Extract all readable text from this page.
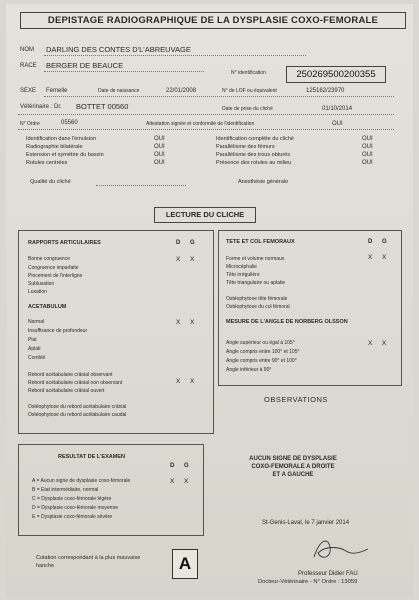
DEPISTAGE RADIOGRAPHIQUE DE LA DYSPLASIE COXO-FEMORALE
NOM DARLING DES CONTES D'L'ABREUVAGE
RACE BERGER DE BEAUCE
N° identification	250269500200355
SEXE Femelle	Date de naissance	22/01/2008	N° de LOF ou équivalent	125162/23970
Vétérinaire : Dr. BOTTET 00560	Date de prise du cliché	01/10/2014
N° Ordre	05560	Attestation signée et conformité de l'identification	OUI
Identification dans l'émulsion	OUI
Radiographie bilatérale	OUI
Extension et symétrie du bassin	OUI
Rotules centrées	OUI
Identification complète du cliché	OUI
Parallélisme des fémurs	OUI
Parallélisme des trous obturés	OUI
Présence des rotules au milieu	OUI
Qualité du cliché	Anesthésie générale
LECTURE DU CLICHE
RAPPORTS ARTICULAIRES	D G
Bonne congruence	X X
Congruence imparfaite
Pincement de l'interligne
Subluxation
Luxation
ACETABULUM
Normal	X X
Insuffisance de profondeur
Plat
Aplati
Comblé
Rebord acétabulaire crânial observant
Rebord acétabulaire crânial non observant	X X
Rebord acétabulaire crânial ouvert
Ostéophytose du rebord acétabulaire crânial
Ostéophytose du rebord acétabulaire caudal
TETE ET COL FEMORAUX	D G
Forme et volume normaux	X X
Microcéphalie
Tête irrégulière
Tête triangulaire ou aplatie
Ostéophytose tête fémorale
Ostéophytose du col fémoral
MESURE DE L'ANGLE DE NORBERG OLSSON
Angle supérieur ou égal à 105°	X X
Angle compris entre 100° et 105°
Angle compris entre 90° et 100°
Angle inférieur à 90°
OBSERVATIONS
AUCUN SIGNE DE DYSPLASIE
COXO-FEMORALE A DROITE
ET A GAUCHE
RESULTAT DE L'EXAMEN
D G
A = Aucun signe de dysplasie coxo-fémorale	X X
B = Etat intermédiaire, normal
C = Dysplasie coxo-fémorale légère
D = Dysplasie coxo-fémorale moyenne
E = Dysplasie coxo-fémorale sévère
Cotation correspondant à la plus mauvaise hanche	A
St-Genis-Laval, le 7 janvier 2014
Professeur Didier FAU
Docteur-Vétérinaire - N° Ordre : 13059
